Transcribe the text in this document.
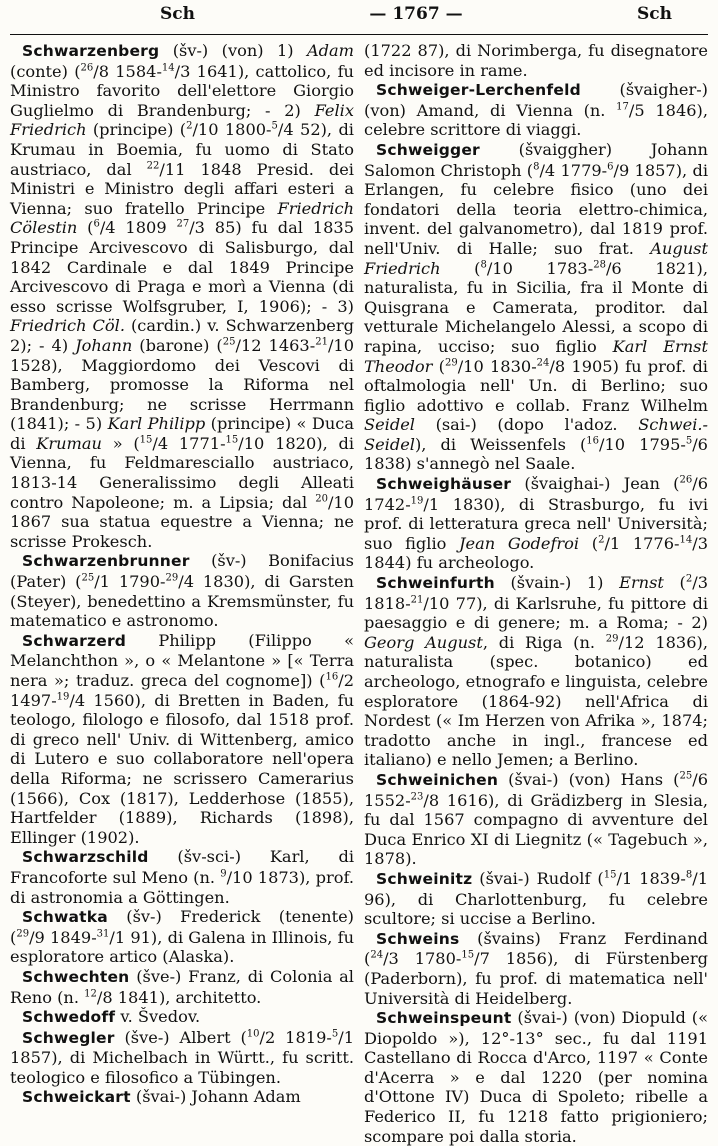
Sch	— 1767 —	Sch

Schwarzenberg (šv-) (von) 1) Adam (conte) ($^{26}$/8 1584-$^{14}$/3 1641), cattolico, fu Ministro favorito dell'elettore Giorgio Guglielmo di Brandenburg; - 2) Felix Friedrich (principe) ($^2$/10 1800-$^5$/4 52), di Krumau in Boemia, fu uomo di Stato austriaco, dal $^{22}$/11 1848 Presid. dei Ministri e Ministro degli affari esteri a Vienna; suo fratello Principe Friedrich Cölestin ($^6$/4 1809 $^{27}$/3 85) fu dal 1835 Principe Arcivescovo di Salisburgo, dal 1842 Cardinale e dal 1849 Principe Arcivescovo di Praga e morì a Vienna (di esso scrisse Wolfsgruber, I, 1906); - 3) Friedrich Cöl. (cardin.) v. Schwarzenberg 2); - 4) Johann (barone) ($^{25}$/12 1463-$^{21}$/10 1528), Maggiordomo dei Vescovi di Bamberg, promosse la Riforma nel Brandenburg; ne scrisse Herrmann (1841); - 5) Karl Philipp (principe) « Duca di Krumau » ($^{15}$/4 1771-$^{15}$/10 1820), di Vienna, fu Feldmaresciallo austriaco, 1813-14 Generalissimo degli Alleati contro Napoleone; m. a Lipsia; dal $^{20}$/10 1867 sua statua equestre a Vienna; ne scrisse Prokesch.

Schwarzenbrunner (šv-) Bonifacius (Pater) ($^{25}$/1 1790-$^{29}$/4 1830), di Garsten (Steyer), benedettino a Kremsmünster, fu matematico e astronomo.

Schwarzerd Philipp (Filippo « Melanchthon », o « Melantone » [« Terra nera »; traduz. greca del cognome]) ($^{16}$/2 1497-$^{19}$/4 1560), di Bretten in Baden, fu teologo, filologo e filosofo, dal 1518 prof. di greco nell' Univ. di Wittenberg, amico di Lutero e suo collaboratore nell'opera della Riforma; ne scrissero Camerarius (1566), Cox (1817), Ledderhose (1855), Hartfelder (1889), Richards (1898), Ellinger (1902).

Schwarzschild (šv-sci-) Karl, di Francoforte sul Meno (n. $^9$/10 1873), prof. di astronomia a Göttingen.

Schwatka (šv-) Frederick (tenente) ($^{29}$/9 1849-$^{31}$/1 91), di Galena in Illinois, fu esploratore artico (Alaska).

Schwechten (šve-) Franz, di Colonia al Reno (n. $^{12}$/8 1841), architetto.

Schwedoff v. Švedov.

Schwegler (šve-) Albert ($^{10}$/2 1819-$^5$/1 1857), di Michelbach in Württ., fu scritt. teologico e filosofico a Tübingen.

Schweickart (švai-) Johann Adam

(1722 87), di Norimberga, fu disegnatore ed incisore in rame.

Schweiger-Lerchenfeld (švaigher-) (von) Amand, di Vienna (n. $^{17}$/5 1846), celebre scrittore di viaggi.

Schweigger (švaiggher) Johann Salomon Christoph ($^8$/4 1779-$^6$/9 1857), di Erlangen, fu celebre fisico (uno dei fondatori della teoria elettro-chimica, invent. del galvanometro), dal 1819 prof. nell'Univ. di Halle; suo frat. August Friedrich ($^8$/10 1783-$^{28}$/6 1821), naturalista, fu in Sicilia, fra il Monte di Quisgrana e Camerata, proditor. dal vetturale Michelangelo Alessi, a scopo di rapina, ucciso; suo figlio Karl Ernst Theodor ($^{29}$/10 1830-$^{24}$/8 1905) fu prof. di oftalmologia nell' Un. di Berlino; suo figlio adottivo e collab. Franz Wilhelm Seidel (sai-) (dopo l'adoz. Schwei.-Seidel), di Weissenfels ($^{16}$/10 1795-$^5$/6 1838) s'annegò nel Saale.

Schweighäuser (švaighai-) Jean ($^{26}$/6 1742-$^{19}$/1 1830), di Strasburgo, fu ivi prof. di letteratura greca nell' Università; suo figlio Jean Godefroi ($^2$/1 1776-$^{14}$/3 1844) fu archeologo.

Schweinfurth (švain-) 1) Ernst ($^2$/3 1818-$^{21}$/10 77), di Karlsruhe, fu pittore di paesaggio e di genere; m. a Roma; - 2) Georg August, di Riga (n. $^{29}$/12 1836), naturalista (spec. botanico) ed archeologo, etnografo e linguista, celebre esploratore (1864-92) nell'Africa di Nordest (« Im Herzen von Afrika », 1874; tradotto anche in ingl., francese ed italiano) e nello Jemen; a Berlino.

Schweinichen (švai-) (von) Hans ($^{25}$/6 1552-$^{23}$/8 1616), di Grädizberg in Slesia, fu dal 1567 compagno di avventure del Duca Enrico XI di Liegnitz (« Tagebuch », 1878).

Schweinitz (švai-) Rudolf ($^{15}$/1 1839-$^8$/1 96), di Charlottenburg, fu celebre scultore; si uccise a Berlino.

Schweins (švains) Franz Ferdinand ($^{24}$/3 1780-$^{15}$/7 1856), di Fürstenberg (Paderborn), fu prof. di matematica nell' Università di Heidelberg.

Schweinspeunt (švai-) (von) Diopuld (« Diopoldo »), 12°-13° sec., fu dal 1191 Castellano di Rocca d'Arco, 1197 « Conte d'Acerra » e dal 1220 (per nomina d'Ottone IV) Duca di Spoleto; ribelle a Federico II, fu 1218 fatto prigioniero; scompare poi dalla storia.
